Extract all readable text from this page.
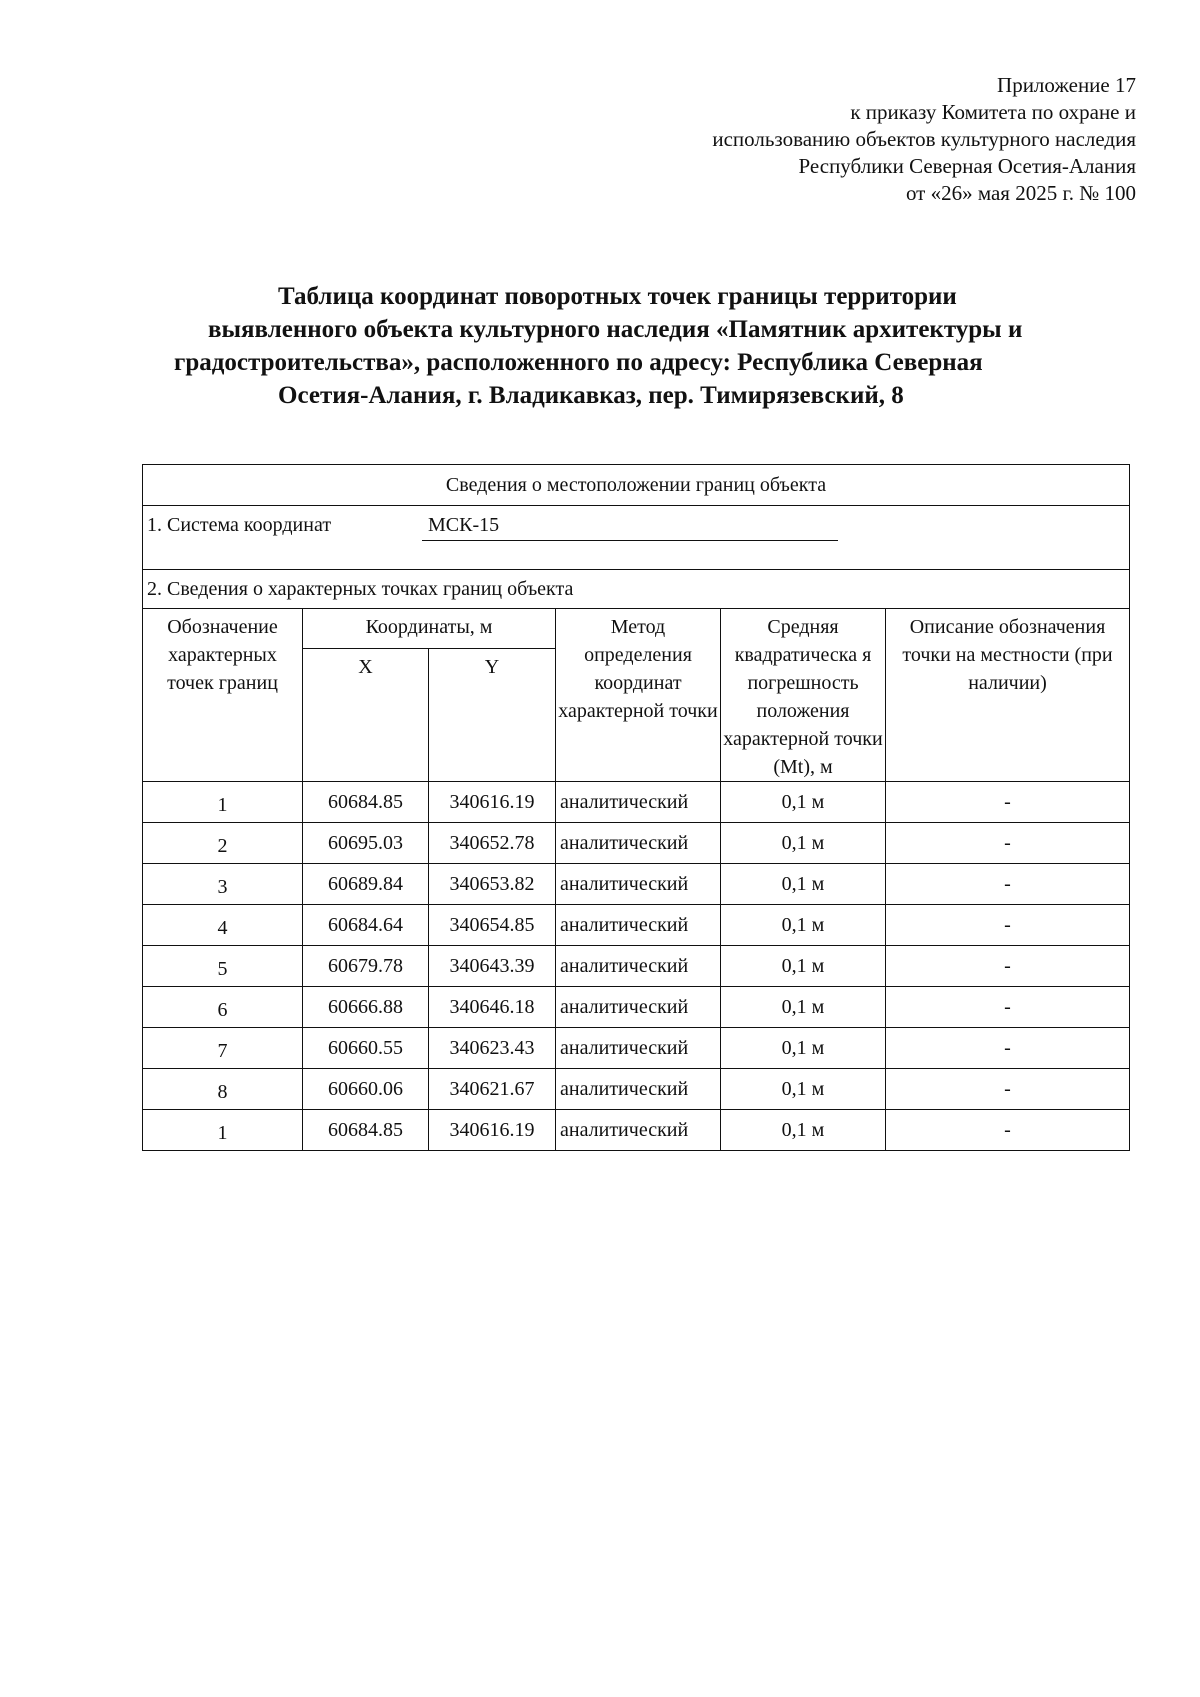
Приложение 17
к приказу Комитета по охране и
использованию объектов культурного наследия
Республики Северная Осетия-Алания
от «26» мая 2025 г. № 100
Таблица координат поворотных точек границы территории
выявленного объекта культурного наследия «Памятник архитектуры и
градостроительства», расположенного по адресу: Республика Северная
Осетия-Алания, г. Владикавказ, пер. Тимирязевский, 8
Сведения о местоположении границ объекта					
1. Система координат МСК-15					
2. Сведения о характерных точках границ объекта					
Обозначение характерных точек границ	Координаты, м		Метод определения координат характерной точки	Средняя квадратическа я погрешность положения характерной точки (Mt), м	Описание обозначения точки на местности (при наличии)
	X	Y			
1	60684.85	340616.19	аналитический	0,1 м	-
2	60695.03	340652.78	аналитический	0,1 м	-
3	60689.84	340653.82	аналитический	0,1 м	-
4	60684.64	340654.85	аналитический	0,1 м	-
5	60679.78	340643.39	аналитический	0,1 м	-
6	60666.88	340646.18	аналитический	0,1 м	-
7	60660.55	340623.43	аналитический	0,1 м	-
8	60660.06	340621.67	аналитический	0,1 м	-
1	60684.85	340616.19	аналитический	0,1 м	-
